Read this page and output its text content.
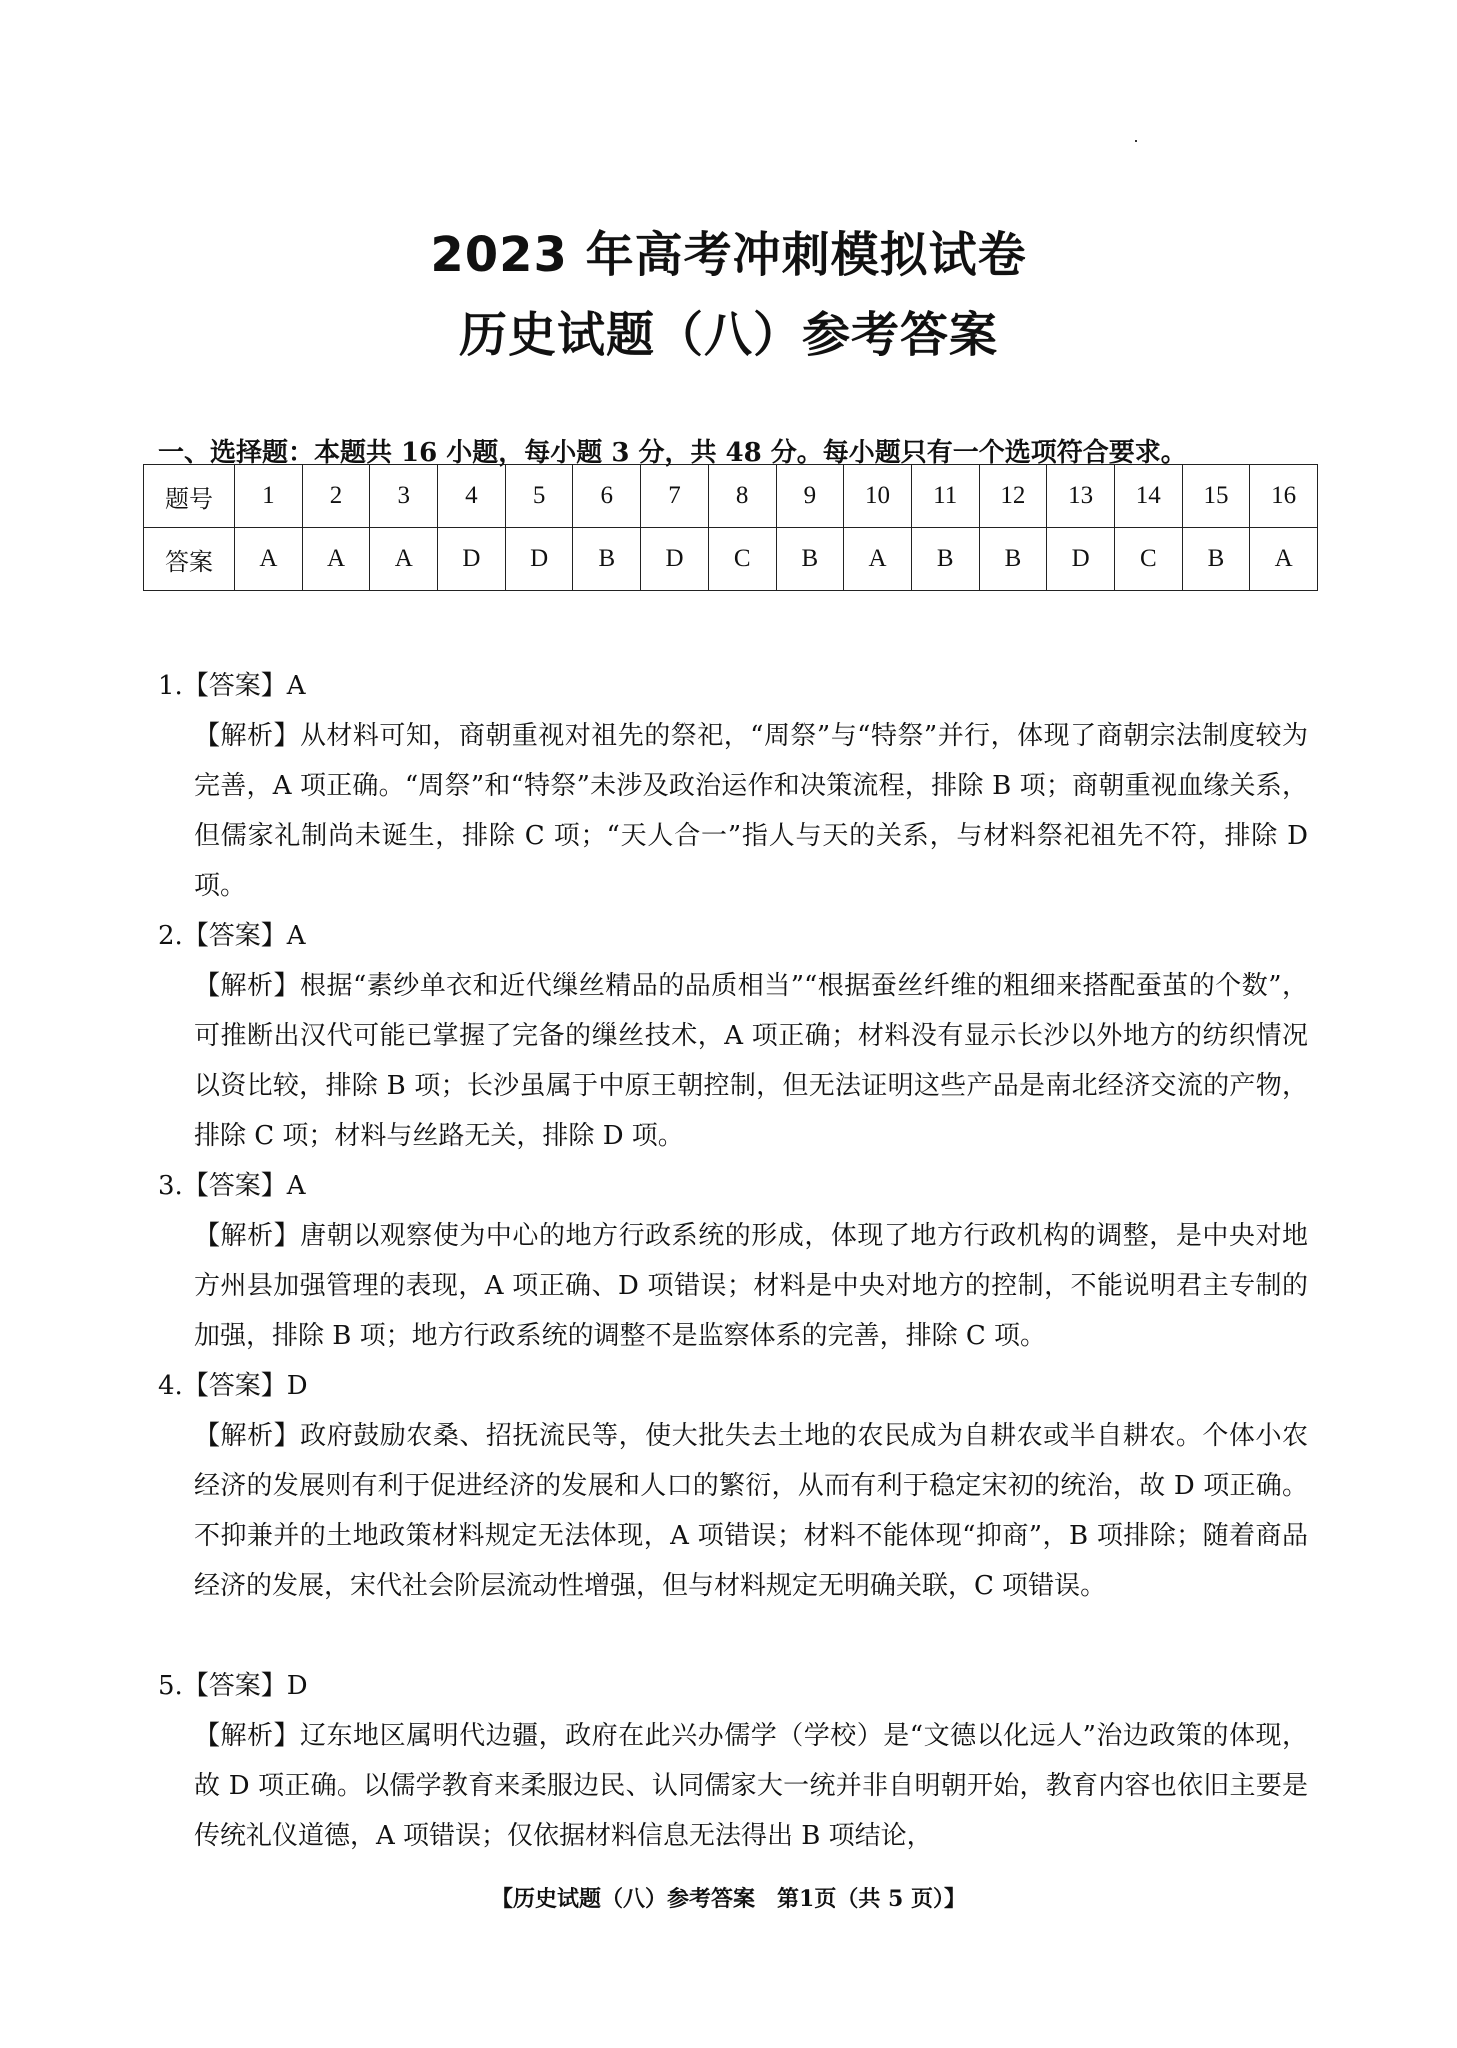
2023 年高考冲刺模拟试卷
历史试题（八）参考答案
一、选择题：本题共 16 小题，每小题 3 分，共 48 分。每小题只有一个选项符合要求。
题号	1	2	3	4	5	6	7	8	9	10	11	12	13	14	15	16
答案	A	A	A	D	D	B	D	C	B	A	B	B	D	C	B	A
1.【答案】A
【解析】从材料可知，商朝重视对祖先的祭祀，“周祭”与“特祭”并行，体现了商朝宗法制度较为完善，A 项正确。“周祭”和“特祭”未涉及政治运作和决策流程，排除 B 项；商朝重视血缘关系，但儒家礼制尚未诞生，排除 C 项；“天人合一”指人与天的关系，与材料祭祀祖先不符，排除 D 项。
2.【答案】A
【解析】根据“素纱单衣和近代缫丝精品的品质相当”“根据蚕丝纤维的粗细来搭配蚕茧的个数”，可推断出汉代可能已掌握了完备的缫丝技术，A 项正确；材料没有显示长沙以外地方的纺织情况以资比较，排除 B 项；长沙虽属于中原王朝控制，但无法证明这些产品是南北经济交流的产物，排除 C 项；材料与丝路无关，排除 D 项。
3.【答案】A
【解析】唐朝以观察使为中心的地方行政系统的形成，体现了地方行政机构的调整，是中央对地方州县加强管理的表现，A 项正确、D 项错误；材料是中央对地方的控制，不能说明君主专制的加强，排除 B 项；地方行政系统的调整不是监察体系的完善，排除 C 项。
4.【答案】D
【解析】政府鼓励农桑、招抚流民等，使大批失去土地的农民成为自耕农或半自耕农。个体小农经济的发展则有利于促进经济的发展和人口的繁衍，从而有利于稳定宋初的统治，故 D 项正确。不抑兼并的土地政策材料规定无法体现，A 项错误；材料不能体现“抑商”，B 项排除；随着商品经济的发展，宋代社会阶层流动性增强，但与材料规定无明确关联，C 项错误。
5.【答案】D
【解析】辽东地区属明代边疆，政府在此兴办儒学（学校）是“文德以化远人”治边政策的体现，故 D 项正确。以儒学教育来柔服边民、认同儒家大一统并非自明朝开始，教育内容也依旧主要是传统礼仪道德，A 项错误；仅依据材料信息无法得出 B 项结论，
【历史试题（八）参考答案　第1页（共 5 页）】
